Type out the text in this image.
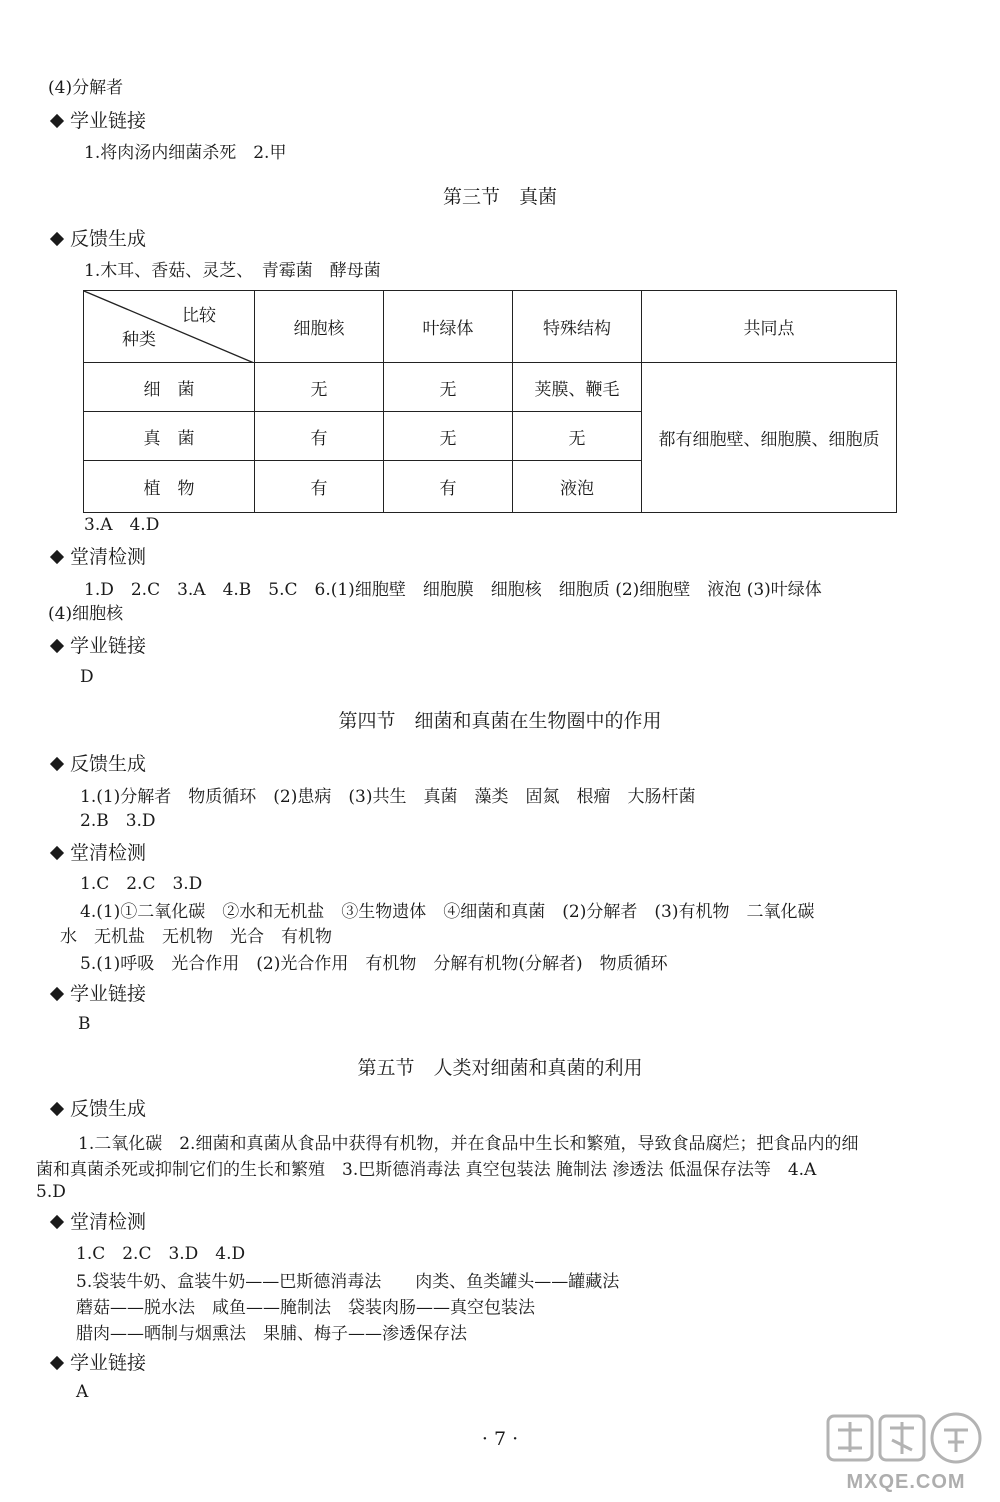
(4)分解者
学业链接
1.将肉汤内细菌杀死　2.甲
第三节　真菌
反馈生成
1.木耳、香菇、灵芝、　青霉菌　酵母菌
比较
种类	细胞核	叶绿体	特殊结构	共同点
细　菌	无	无	荚膜、鞭毛	都有细胞壁、细胞膜、细胞质
真　菌	有	无	无	
植　物	有	有	液泡	
3.A　4.D
堂清检测
1.D　2.C　3.A　4.B　5.C　6.(1)细胞壁　细胞膜　细胞核　细胞质 (2)细胞壁　液泡 (3)叶绿体
(4)细胞核
学业链接
D
第四节　细菌和真菌在生物圈中的作用
反馈生成
1.(1)分解者　物质循环　(2)患病　(3)共生　真菌　藻类　固氮　根瘤　大肠杆菌
2.B　3.D
堂清检测
1.C　2.C　3.D
4.(1)①二氧化碳　②水和无机盐　③生物遗体　④细菌和真菌　(2)分解者　(3)有机物　二氧化碳
水　无机盐　无机物　光合　有机物
5.(1)呼吸　光合作用　(2)光合作用　有机物　分解有机物(分解者)　物质循环
学业链接
B
第五节　人类对细菌和真菌的利用
反馈生成
1.二氧化碳　2.细菌和真菌从食品中获得有机物，并在食品中生长和繁殖，导致食品腐烂；把食品内的细
菌和真菌杀死或抑制它们的生长和繁殖　3.巴斯德消毒法 真空包装法 腌制法 渗透法 低温保存法等　4.A
5.D
堂清检测
1.C　2.C　3.D　4.D
5.袋装牛奶、盒装牛奶——巴斯德消毒法　　肉类、鱼类罐头——罐藏法
蘑菇——脱水法　咸鱼——腌制法　袋装肉肠——真空包装法
腊肉——晒制与烟熏法　果脯、梅子——渗透保存法
学业链接
A
· 7 ·
MXQE.COM
